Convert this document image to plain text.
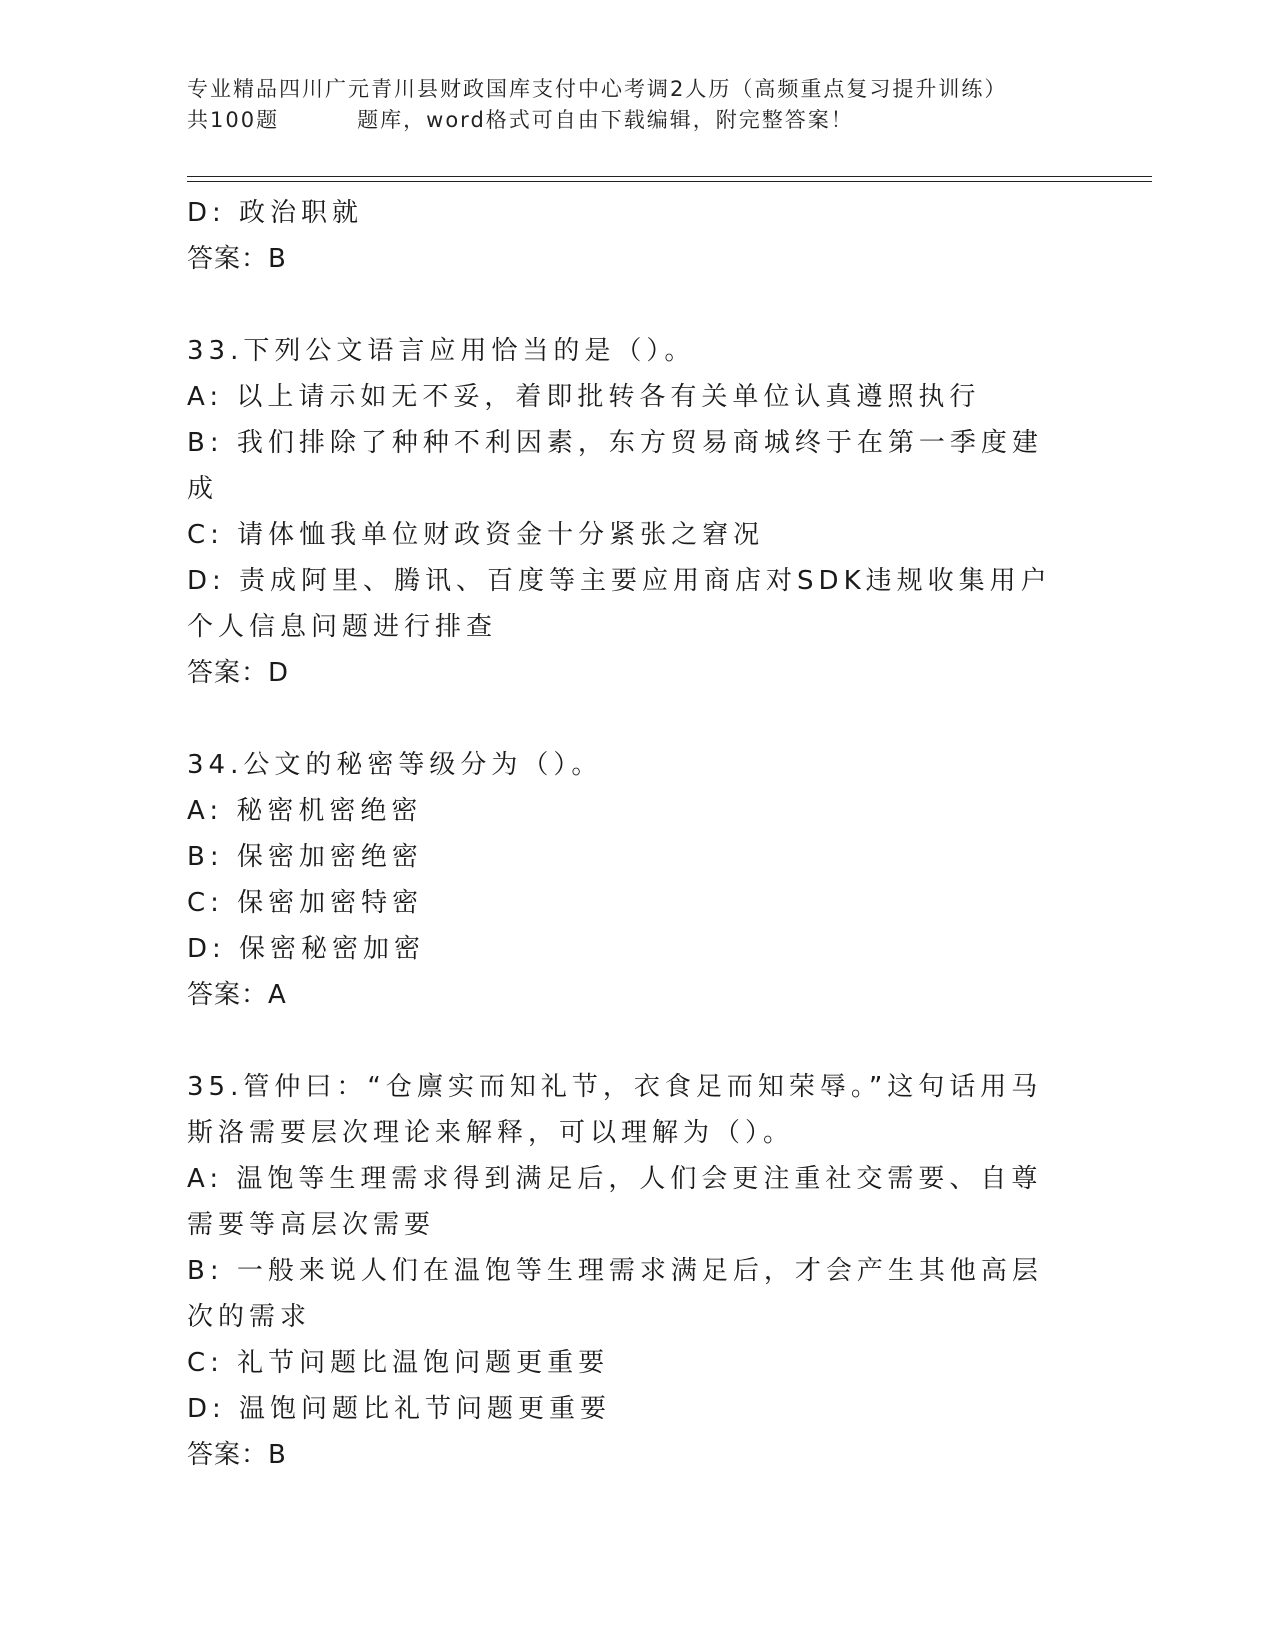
专业精品四川广元青川县财政国库支付中心考调2人历（高频重点复习提升训练）
共100题         题库，word格式可自由下载编辑，附完整答案！

D: 政治职就

答案：B

33.下列公文语言应用恰当的是（）。

A: 以上请示如无不妥，着即批转各有关单位认真遵照执行

B: 我们排除了种种不利因素，东方贸易商城终于在第一季度建成

C: 请体恤我单位财政资金十分紧张之窘况

D: 责成阿里、腾讯、百度等主要应用商店对SDK违规收集用户个人信息问题进行排查

答案：D

34.公文的秘密等级分为（）。

A: 秘密机密绝密

B: 保密加密绝密

C: 保密加密特密

D: 保密秘密加密

答案：A

35.管仲曰：“仓廪实而知礼节，衣食足而知荣辱。”这句话用马斯洛需要层次理论来解释，可以理解为（）。

A: 温饱等生理需求得到满足后，人们会更注重社交需要、自尊需要等高层次需要

B: 一般来说人们在温饱等生理需求满足后，才会产生其他高层次的需求

C: 礼节问题比温饱问题更重要

D: 温饱问题比礼节问题更重要

答案：B
